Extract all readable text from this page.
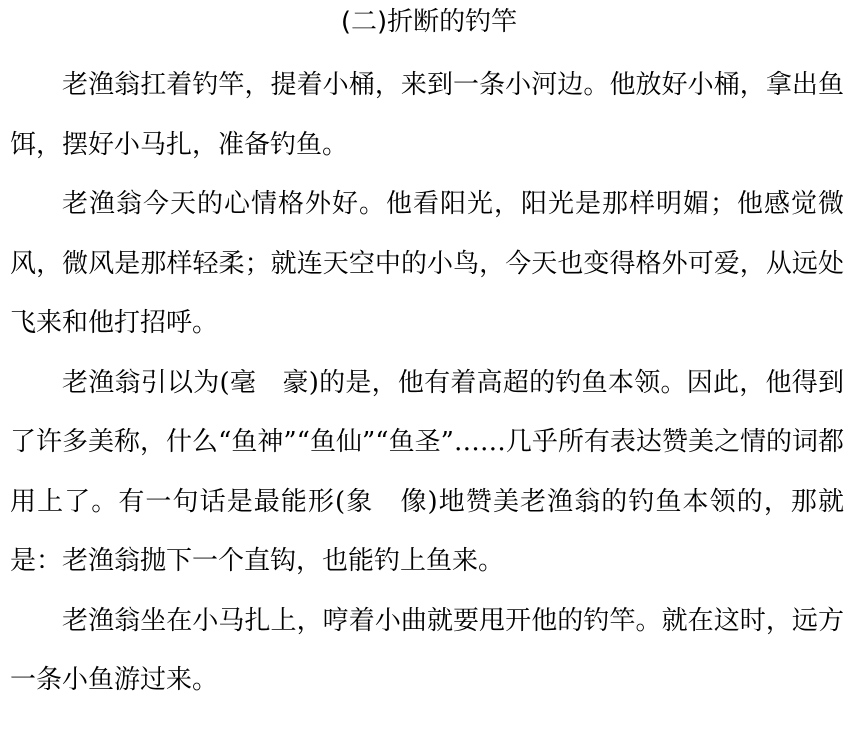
(二)折断的钓竿

老渔翁扛着钓竿，提着小桶，来到一条小河边。他放好小桶，拿出鱼饵，摆好小马扎，准备钓鱼。

老渔翁今天的心情格外好。他看阳光，阳光是那样明媚；他感觉微风，微风是那样轻柔；就连天空中的小鸟，今天也变得格外可爱，从远处飞来和他打招呼。

老渔翁引以为(毫　豪)的是，他有着高超的钓鱼本领。因此，他得到了许多美称，什么“鱼神”“鱼仙”“鱼圣”……几乎所有表达赞美之情的词都用上了。有一句话是最能形(象　像)地赞美老渔翁的钓鱼本领的，那就是：老渔翁抛下一个直钩，也能钓上鱼来。

老渔翁坐在小马扎上，哼着小曲就要甩开他的钓竿。就在这时，远方一条小鱼游过来。
